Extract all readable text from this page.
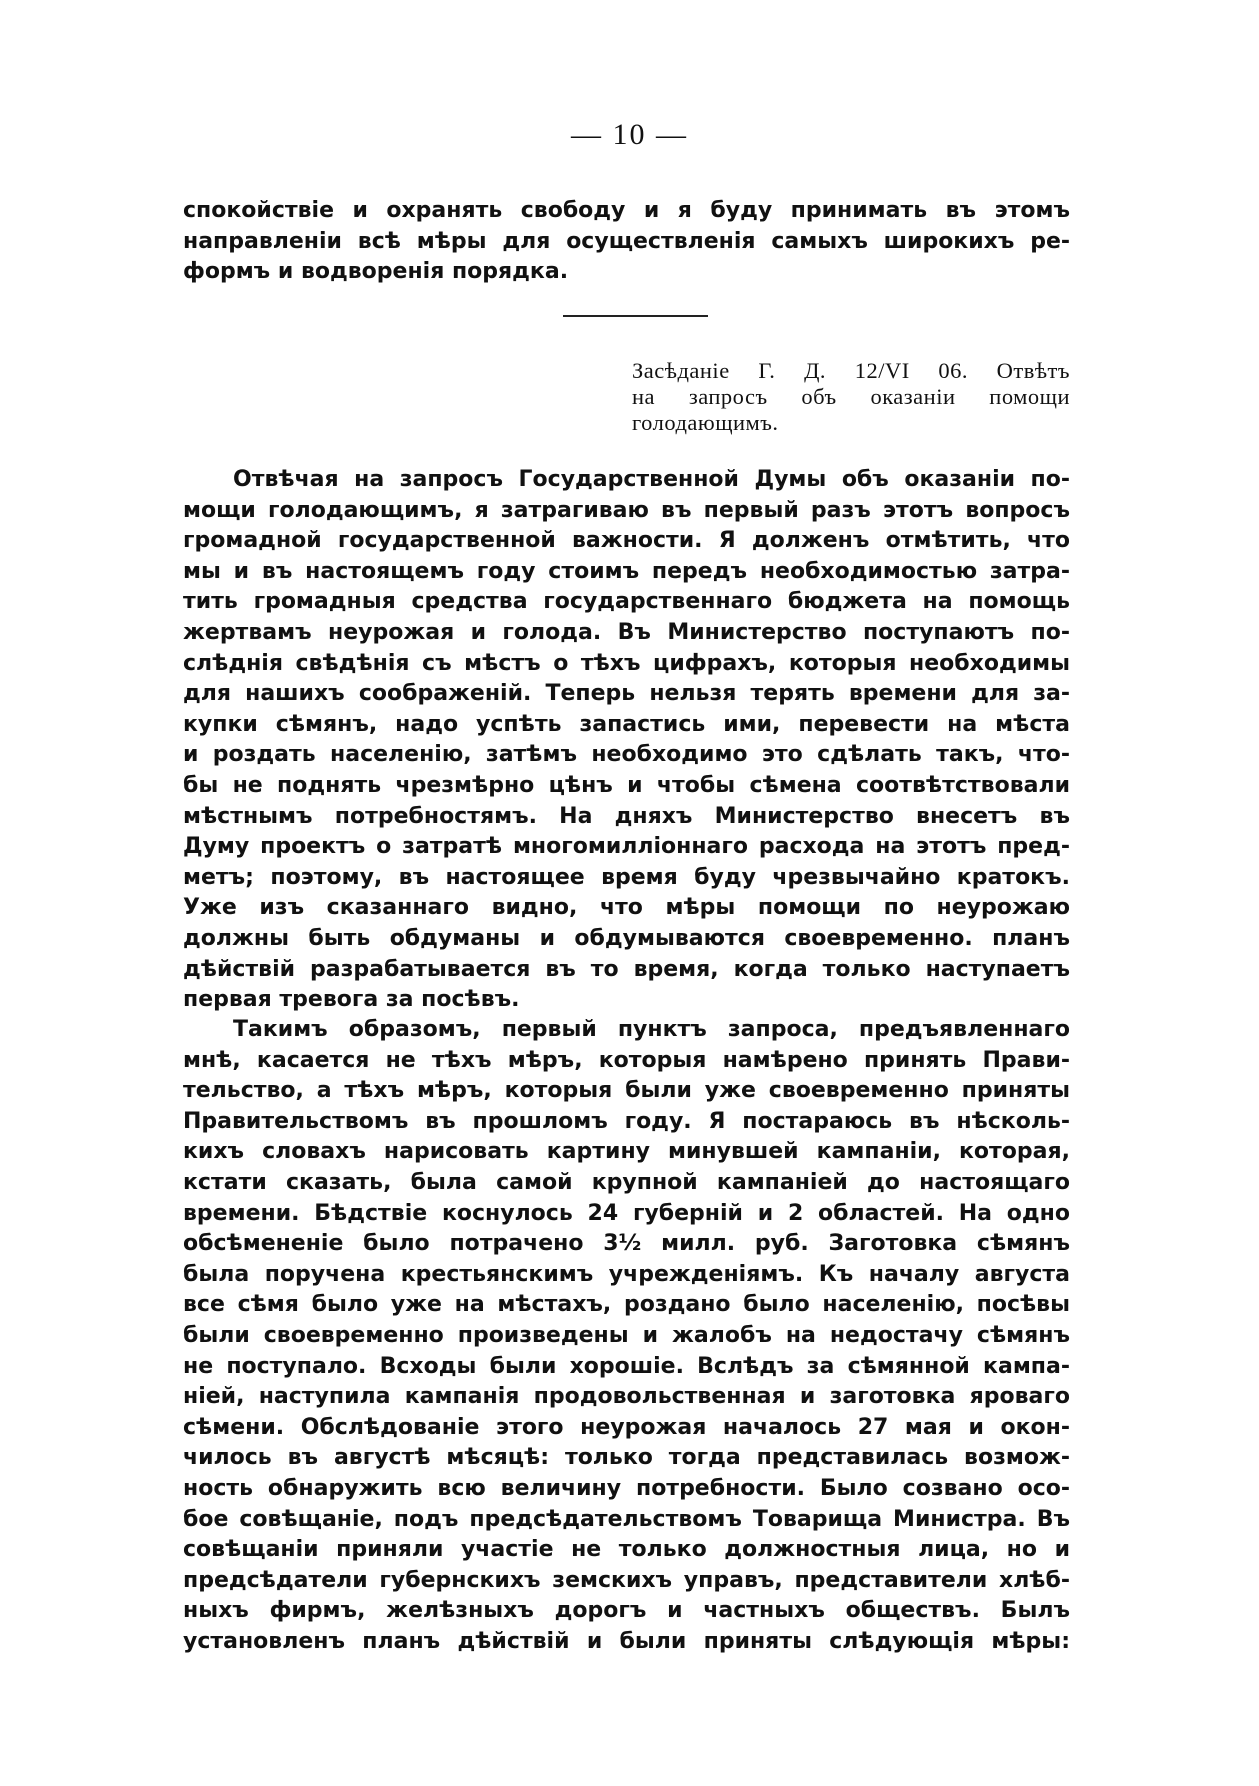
— 10 —
спокойствіе и охранять свободу и я буду принимать въ этомъ
направленіи всѣ мѣры для осуществленія самыхъ широкихъ ре-
формъ и водворенія порядка.
Засѣданіе Г. Д. 12/VI 06. Отвѣтъ
на запросъ объ оказаніи помощи
голодающимъ.
Отвѣчая на запросъ Государственной Думы объ оказаніи по-
мощи голодающимъ, я затрагиваю въ первый разъ этотъ вопросъ
громадной государственной важности. Я долженъ отмѣтить, что
мы и въ настоящемъ году стоимъ передъ необходимостью затра-
тить громадныя средства государственнаго бюджета на помощь
жертвамъ неурожая и голода. Въ Министерство поступаютъ по-
слѣднія свѣдѣнія съ мѣстъ о тѣхъ цифрахъ, которыя необходимы
для нашихъ соображеній. Теперь нельзя терять времени для за-
купки сѣмянъ, надо успѣть запастись ими, перевести на мѣста
и роздать населенію, затѣмъ необходимо это сдѣлать такъ, что-
бы не поднять чрезмѣрно цѣнъ и чтобы сѣмена соотвѣтствовали
мѣстнымъ потребностямъ. На дняхъ Министерство внесетъ въ
Думу проектъ о затратѣ многомилліоннаго расхода на этотъ пред-
метъ; поэтому, въ настоящее время буду чрезвычайно кратокъ.
Уже изъ сказаннаго видно, что мѣры помощи по неурожаю
должны быть обдуманы и обдумываются своевременно. планъ
дѣйствій разрабатывается въ то время, когда только наступаетъ
первая тревога за посѣвъ.
Такимъ образомъ, первый пунктъ запроса, предъявленнаго
мнѣ, касается не тѣхъ мѣръ, которыя намѣрено принять Прави-
тельство, а тѣхъ мѣръ, которыя были уже своевременно приняты
Правительствомъ въ прошломъ году. Я постараюсь въ нѣсколь-
кихъ словахъ нарисовать картину минувшей кампаніи, которая,
кстати сказать, была самой крупной кампаніей до настоящаго
времени. Бѣдствіе коснулось 24 губерній и 2 областей. На одно
обсѣмененіе было потрачено 3½ милл. руб. Заготовка сѣмянъ
была поручена крестьянскимъ учрежденіямъ. Къ началу августа
все сѣмя было уже на мѣстахъ, роздано было населенію, посѣвы
были своевременно произведены и жалобъ на недостачу сѣмянъ
не поступало. Всходы были хорошіе. Вслѣдъ за сѣмянной кампа-
ніей, наступила кампанія продовольственная и заготовка яроваго
сѣмени. Обслѣдованіе этого неурожая началось 27 мая и окон-
чилось въ августѣ мѣсяцѣ: только тогда представилась возмож-
ность обнаружить всю величину потребности. Было созвано осо-
бое совѣщаніе, подъ предсѣдательствомъ Товарища Министра. Въ
совѣщаніи приняли участіе не только должностныя лица, но и
предсѣдатели губернскихъ земскихъ управъ, представители хлѣб-
ныхъ фирмъ, желѣзныхъ дорогъ и частныхъ обществъ. Былъ
установленъ планъ дѣйствій и были приняты слѣдующія мѣры:
